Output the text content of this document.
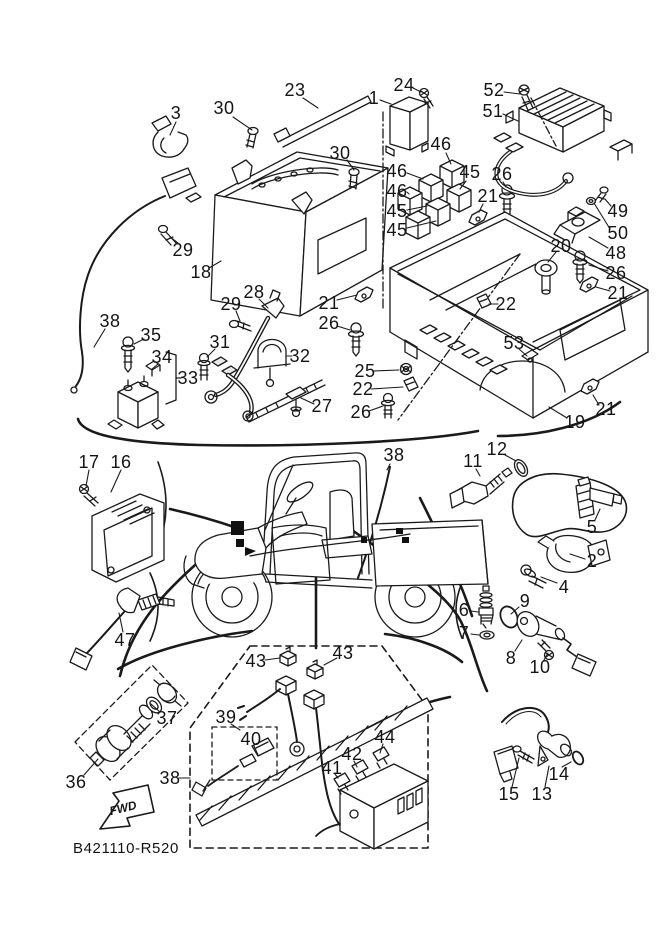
FWD
3 30
23	1
24	52
51
46
46	45
46	21
45
45
26
30
49
50
48
20
26
21
29
18
28
29
38
35
34
33
31
32
27
21
26
25
22
26
22
53
21
19
17 16	38	11
12
5
2
4
6	9
7
8 10
47
37
36
39
40
38
43	43
44
42
41	14
15 13
B421110-R520
